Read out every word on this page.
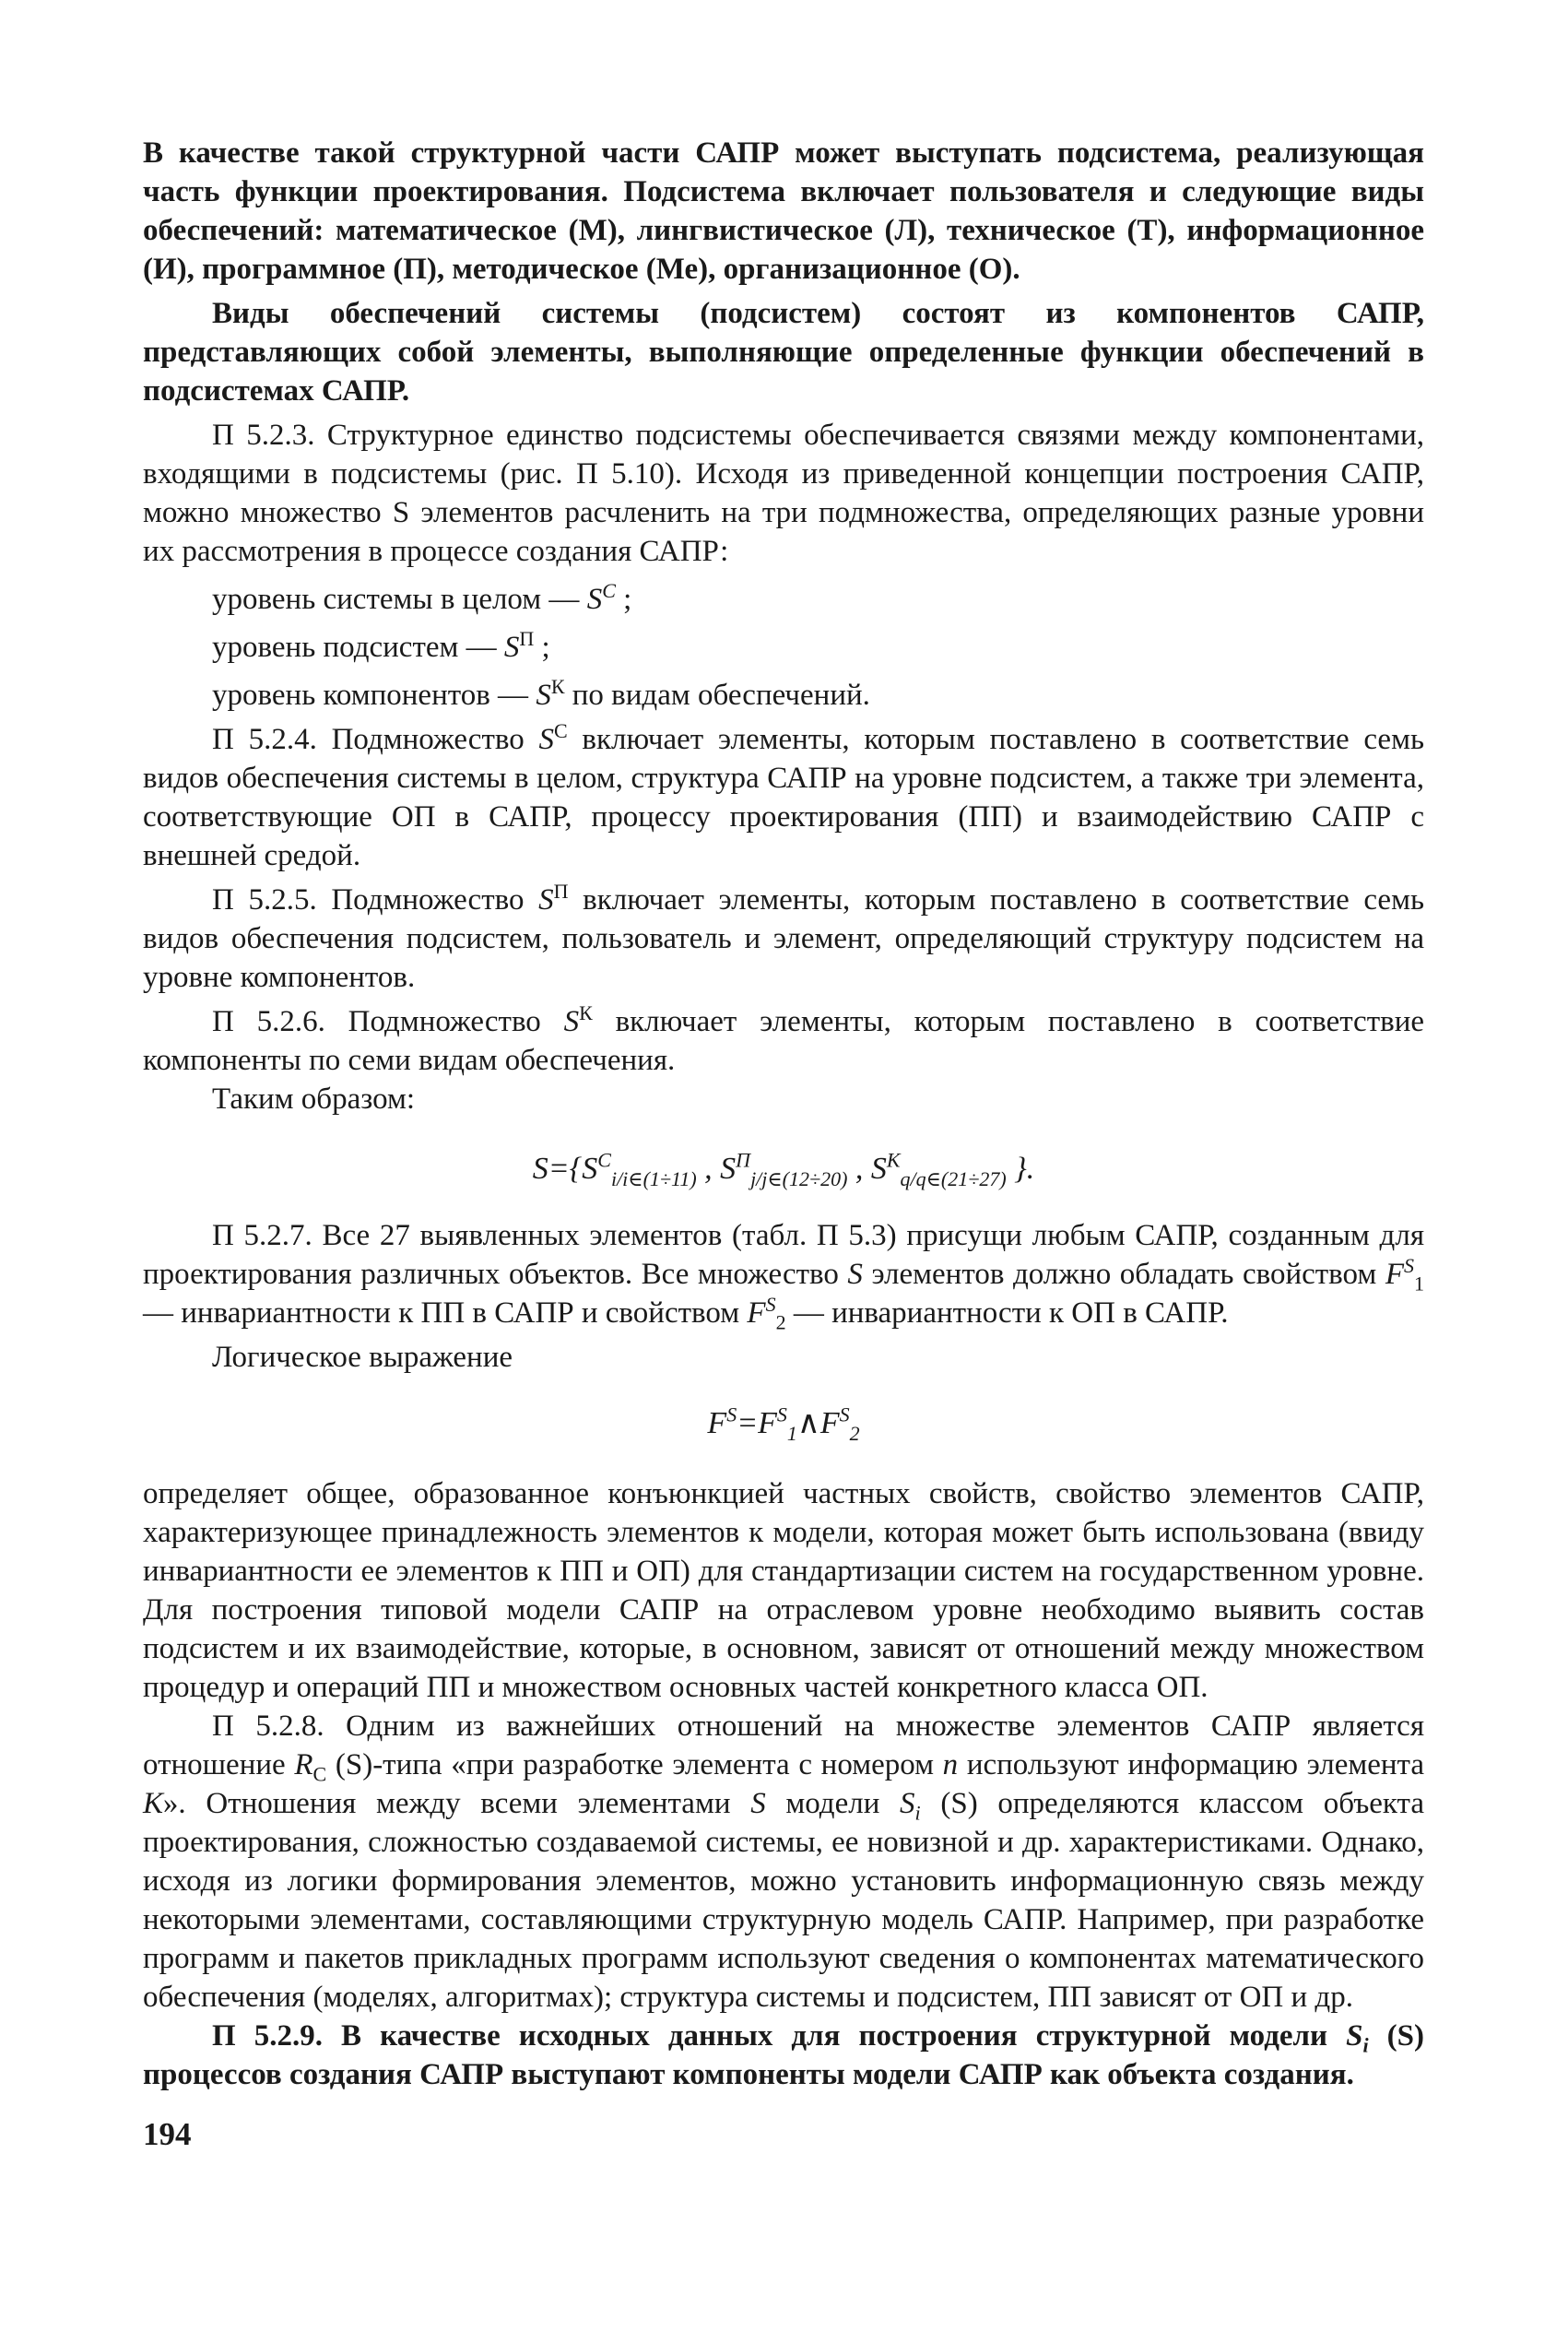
В качестве такой структурной части САПР может выступать подсистема, реализующая часть функции проектирования. Подсистема включает пользователя и следующие виды обеспечений: математическое (М), лингвистическое (Л), техническое (Т), информационное (И), программное (П), методическое (Ме), организационное (О).

Виды обеспечений системы (подсистем) состоят из компонентов САПР, представляющих собой элементы, выполняющие определенные функции обеспечений в подсистемах САПР.

П 5.2.3. Структурное единство подсистемы обеспечивается связями между компонентами, входящими в подсистемы (рис. П 5.10). Исходя из приведенной концепции построения САПР, можно множество S элементов расчленить на три подмножества, определяющих разные уровни их рассмотрения в процессе создания САПР:

уровень системы в целом — $S^С$ ;

уровень подсистем — $S^П$ ;

уровень компонентов — $S^К$ по видам обеспечений.

П 5.2.4. Подмножество $S^С$ включает элементы, которым поставлено в соответствие семь видов обеспечения системы в целом, структура САПР на уровне подсистем, а также три элемента, соответствующие ОП в САПР, процессу проектирования (ПП) и взаимодействию САПР с внешней средой.

П 5.2.5. Подмножество $S^П$ включает элементы, которым поставлено в соответствие семь видов обеспечения подсистем, пользователь и элемент, определяющий структуру подсистем на уровне компонентов.

П 5.2.6. Подмножество $S^К$ включает элементы, которым поставлено в соответствие компоненты по семи видам обеспечения.

Таким образом:

$S=\{S^С_{i/i\in(1\div 11)}$ , $S^П_{j/j\in(12\div 20)}$ , $S^К_{q/q\in(21\div 27)}$ }.

П 5.2.7. Все 27 выявленных элементов (табл. П 5.3) присущи любым САПР, созданным для проектирования различных объектов. Все множество S элементов должно обладать свойством $F^S_1$ — инвариантности к ПП в САПР и свойством $F^S_2$ — инвариантности к ОП в САПР.

Логическое выражение

$F^S=F^S_1\wedge F^S_2$

определяет общее, образованное конъюнкцией частных свойств, свойство элементов САПР, характеризующее принадлежность элементов к модели, которая может быть использована (ввиду инвариантности ее элементов к ПП и ОП) для стандартизации систем на государственном уровне. Для построения типовой модели САПР на отраслевом уровне необходимо выявить состав подсистем и их взаимодействие, которые, в основном, зависят от отношений между множеством процедур и операций ПП и множеством основных частей конкретного класса ОП.

П 5.2.8. Одним из важнейших отношений на множестве элементов САПР является отношение $R_С$ (S)-типа «при разработке элемента с номером n используют информацию элемента К». Отношения между всеми элементами S модели $S_i$ (S) определяются классом объекта проектирования, сложностью создаваемой системы, ее новизной и др. характеристиками. Однако, исходя из логики формирования элементов, можно установить информационную связь между некоторыми элементами, составляющими структурную модель САПР. Например, при разработке программ и пакетов прикладных программ используют сведения о компонентах математического обеспечения (моделях, алгоритмах); структура системы и подсистем, ПП зависят от ОП и др.

П 5.2.9. В качестве исходных данных для построения структурной модели $S_i$ (S) процессов создания САПР выступают компоненты модели САПР как объекта создания.

194
